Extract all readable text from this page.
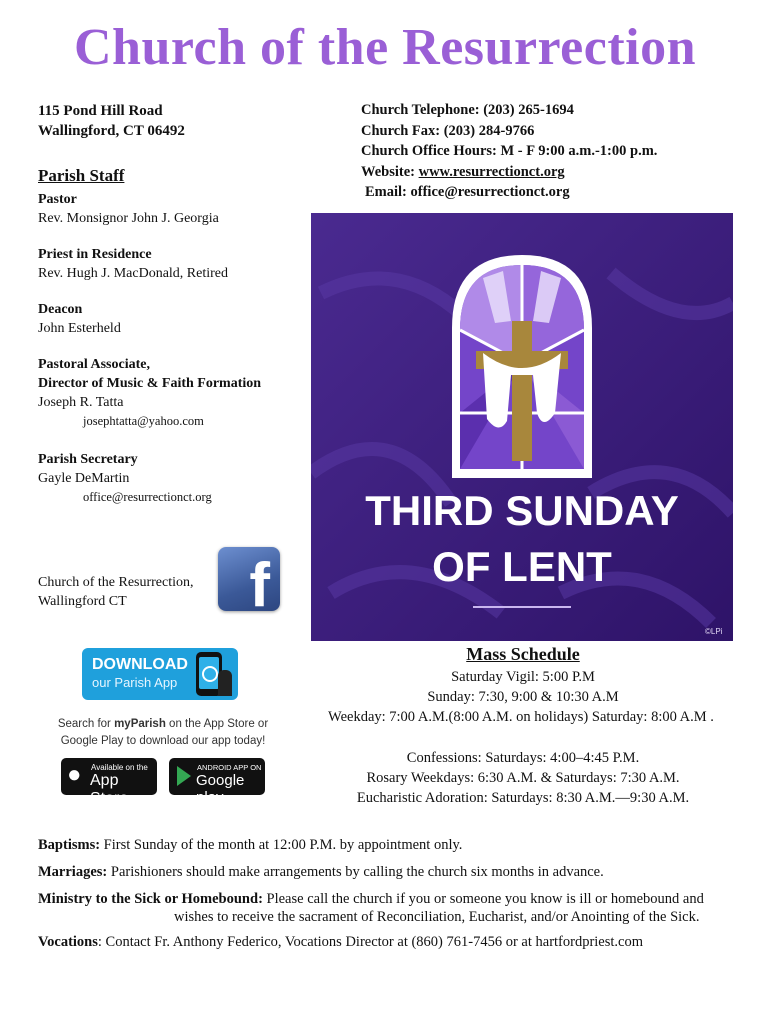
Church of the Resurrection
115 Pond Hill Road
Wallingford, CT 06492
Church Telephone: (203) 265-1694
Church Fax: (203) 284-9766
Church Office Hours: M - F 9:00 a.m.-1:00 p.m.
Website: www.resurrectionct.org
Email: office@resurrectionct.org
Parish Staff
Pastor
Rev. Monsignor John J. Georgia
Priest in Residence
Rev. Hugh J. MacDonald, Retired
Deacon
John Esterheld
Pastoral Associate,
Director of Music & Faith Formation
Joseph R. Tatta
josephtatta@yahoo.com
Parish Secretary
Gayle DeMartin
office@resurrectionct.org
Church of the Resurrection,
Wallingford CT	f
DOWNLOAD
our Parish App
Search for myParish on the App Store or
Google Play to download our app today!
● Available on the
App Store
ANDROID APP ON
Google play
THIRD SUNDAY
OF LENT
©LPi
Mass Schedule
Saturday Vigil: 5:00 P.M
Sunday: 7:30, 9:00 & 10:30 A.M
Weekday: 7:00 A.M.(8:00 A.M. on holidays) Saturday: 8:00 A.M .
Confessions: Saturdays: 4:00–4:45 P.M.
Rosary Weekdays: 6:30 A.M. & Saturdays: 7:30 A.M.
Eucharistic Adoration: Saturdays: 8:30 A.M.—9:30 A.M.
Baptisms: First Sunday of the month at 12:00 P.M. by appointment only.
Marriages: Parishioners should make arrangements by calling the church six months in advance.
Ministry to the Sick or Homebound: Please call the church if you or someone you know is ill or homebound and
wishes to receive the sacrament of Reconciliation, Eucharist, and/or Anointing of the Sick.
Vocations: Contact Fr. Anthony Federico, Vocations Director at (860) 761-7456 or at hartfordpriest.com
